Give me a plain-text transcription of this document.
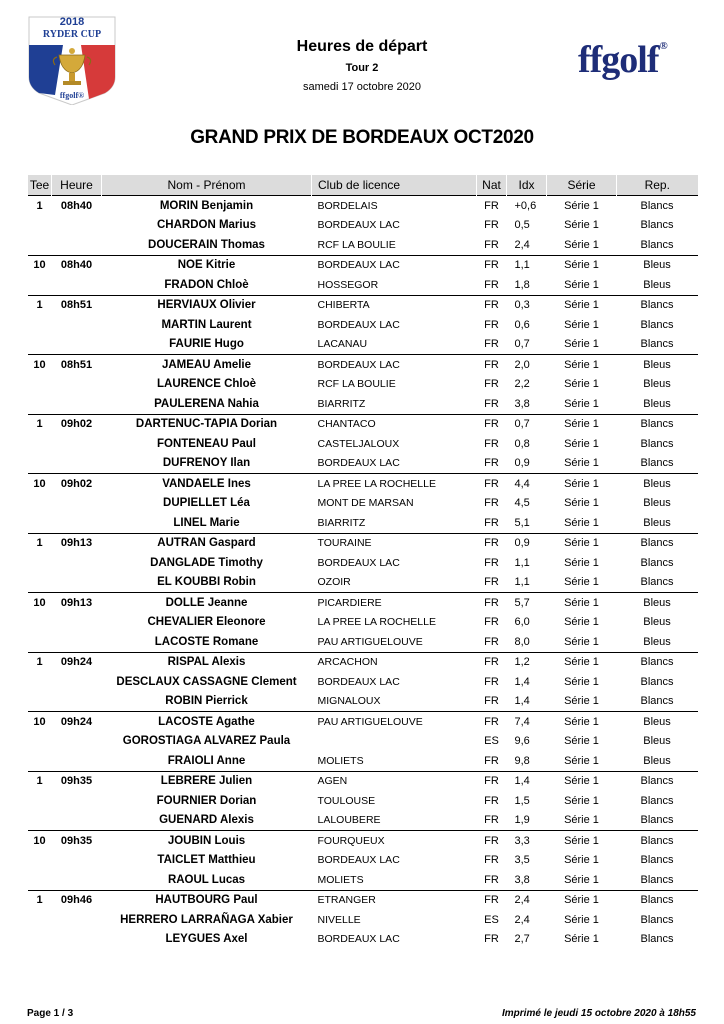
2018
RYDER CUP
ffgolf®
Heures de départ
Tour 2
samedi 17 octobre 2020
ffgolf®
GRAND PRIX DE BORDEAUX OCT2020
Tee	Heure	Nom - Prénom	Club de licence	Nat	Idx	Série	Rep.
1	08h40	MORIN Benjamin	BORDELAIS	FR	+0,6	Série 1	Blancs
		CHARDON Marius	BORDEAUX LAC	FR	0,5	Série 1	Blancs
		DOUCERAIN Thomas	RCF LA BOULIE	FR	2,4	Série 1	Blancs
10	08h40	NOE Kitrie	BORDEAUX LAC	FR	1,1	Série 1	Bleus
		FRADON Chloè	HOSSEGOR	FR	1,8	Série 1	Bleus
1	08h51	HERVIAUX Olivier	CHIBERTA	FR	0,3	Série 1	Blancs
		MARTIN Laurent	BORDEAUX LAC	FR	0,6	Série 1	Blancs
		FAURIE Hugo	LACANAU	FR	0,7	Série 1	Blancs
10	08h51	JAMEAU Amelie	BORDEAUX LAC	FR	2,0	Série 1	Bleus
		LAURENCE Chloè	RCF LA BOULIE	FR	2,2	Série 1	Bleus
		PAULERENA Nahia	BIARRITZ	FR	3,8	Série 1	Bleus
1	09h02	DARTENUC-TAPIA Dorian	CHANTACO	FR	0,7	Série 1	Blancs
		FONTENEAU Paul	CASTELJALOUX	FR	0,8	Série 1	Blancs
		DUFRENOY Ilan	BORDEAUX LAC	FR	0,9	Série 1	Blancs
10	09h02	VANDAELE Ines	LA PREE LA ROCHELLE	FR	4,4	Série 1	Bleus
		DUPIELLET Léa	MONT DE MARSAN	FR	4,5	Série 1	Bleus
		LINEL Marie	BIARRITZ	FR	5,1	Série 1	Bleus
1	09h13	AUTRAN Gaspard	TOURAINE	FR	0,9	Série 1	Blancs
		DANGLADE Timothy	BORDEAUX LAC	FR	1,1	Série 1	Blancs
		EL KOUBBI Robin	OZOIR	FR	1,1	Série 1	Blancs
10	09h13	DOLLE Jeanne	PICARDIERE	FR	5,7	Série 1	Bleus
		CHEVALIER Eleonore	LA PREE LA ROCHELLE	FR	6,0	Série 1	Bleus
		LACOSTE Romane	PAU ARTIGUELOUVE	FR	8,0	Série 1	Bleus
1	09h24	RISPAL Alexis	ARCACHON	FR	1,2	Série 1	Blancs
		DESCLAUX CASSAGNE Clement	BORDEAUX LAC	FR	1,4	Série 1	Blancs
		ROBIN Pierrick	MIGNALOUX	FR	1,4	Série 1	Blancs
10	09h24	LACOSTE Agathe	PAU ARTIGUELOUVE	FR	7,4	Série 1	Bleus
		GOROSTIAGA ALVAREZ Paula		ES	9,6	Série 1	Bleus
		FRAIOLI Anne	MOLIETS	FR	9,8	Série 1	Bleus
1	09h35	LEBRERE Julien	AGEN	FR	1,4	Série 1	Blancs
		FOURNIER Dorian	TOULOUSE	FR	1,5	Série 1	Blancs
		GUENARD Alexis	LALOUBERE	FR	1,9	Série 1	Blancs
10	09h35	JOUBIN Louis	FOURQUEUX	FR	3,3	Série 1	Blancs
		TAICLET Matthieu	BORDEAUX LAC	FR	3,5	Série 1	Blancs
		RAOUL Lucas	MOLIETS	FR	3,8	Série 1	Blancs
1	09h46	HAUTBOURG Paul	ETRANGER	FR	2,4	Série 1	Blancs
		HERRERO LARRAÑAGA Xabier	NIVELLE	ES	2,4	Série 1	Blancs
		LEYGUES Axel	BORDEAUX LAC	FR	2,7	Série 1	Blancs
Page 1 / 3	Imprimé le jeudi 15 octobre 2020 à 18h55
